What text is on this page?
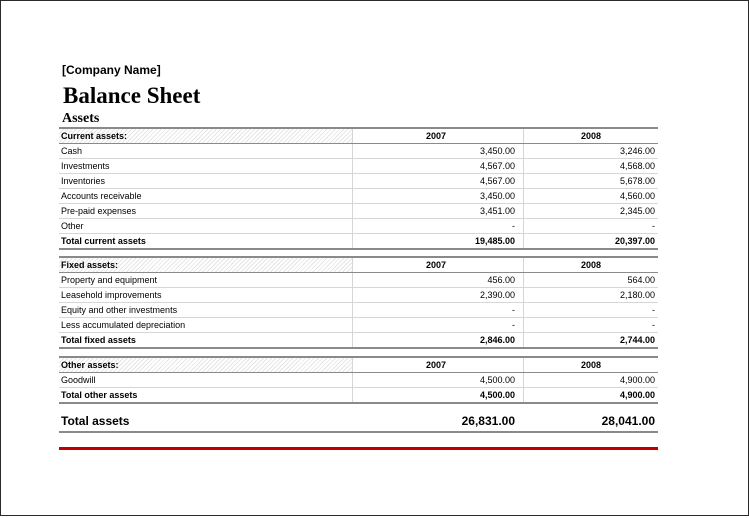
[Company Name]
Balance Sheet
Assets
Current assets:	2007	2008
Cash	3,450.00	3,246.00
Investments	4,567.00	4,568.00
Inventories	4,567.00	5,678.00
Accounts receivable	3,450.00	4,560.00
Pre-paid expenses	3,451.00	2,345.00
Other	-	-
Total current assets	19,485.00	20,397.00
Fixed assets:	2007	2008
Property and equipment	456.00	564.00
Leasehold improvements	2,390.00	2,180.00
Equity and other investments	-	-
Less accumulated depreciation	-	-
Total fixed assets	2,846.00	2,744.00
Other assets:	2007	2008
Goodwill	4,500.00	4,900.00
Total other assets	4,500.00	4,900.00
Total assets	26,831.00	28,041.00
